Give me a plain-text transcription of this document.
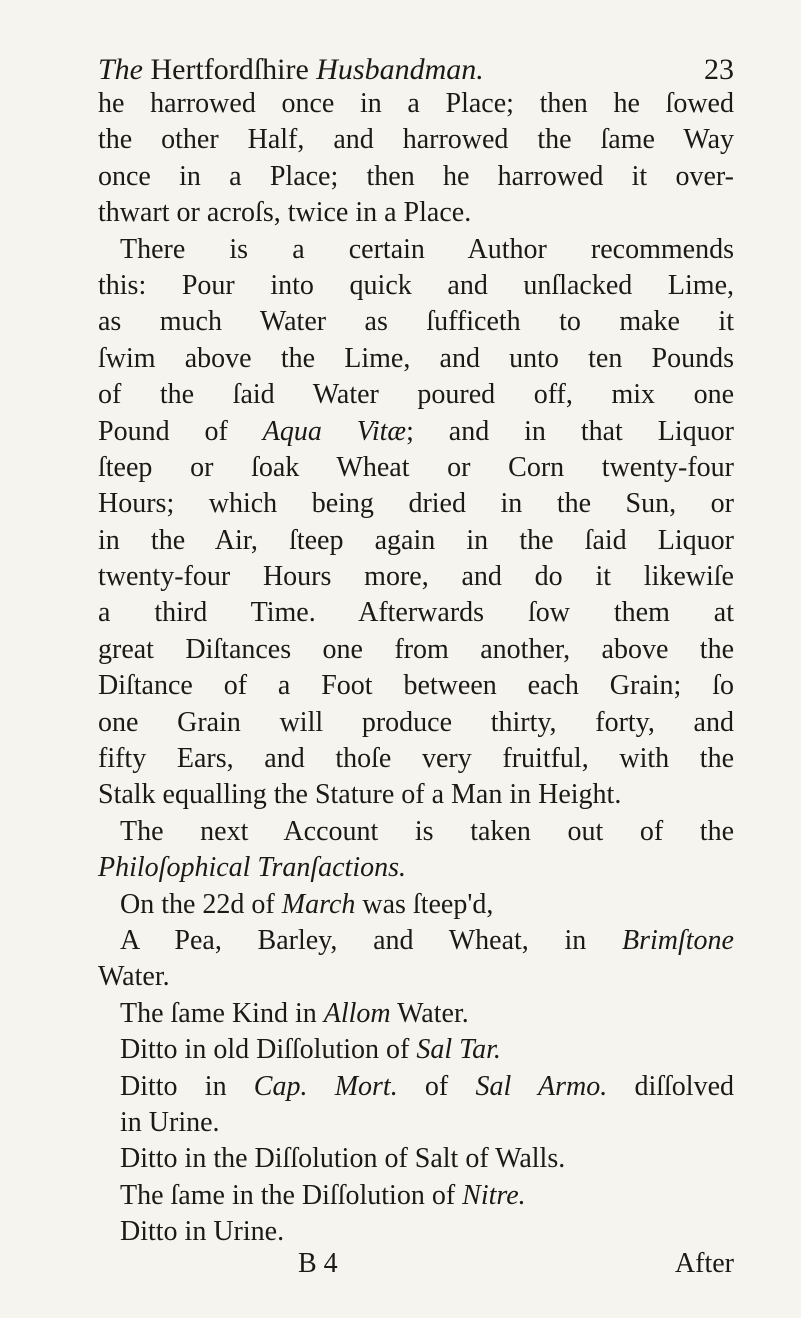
The Hertfordſhire Husbandman.	23
he harrowed once in a Place; then he ſowed
the other Half, and harrowed the ſame Way
once in a Place; then he harrowed it over-
thwart or acroſs, twice in a Place.
There is a certain Author recommends
this: Pour into quick and unſlacked Lime,
as much Water as ſufficeth to make it
ſwim above the Lime, and unto ten Pounds
of the ſaid Water poured off, mix one
Pound of Aqua Vitæ; and in that Liquor
ſteep or ſoak Wheat or Corn twenty-four
Hours; which being dried in the Sun, or
in the Air, ſteep again in the ſaid Liquor
twenty-four Hours more, and do it likewiſe
a third Time. Afterwards ſow them at
great Diſtances one from another, above the
Diſtance of a Foot between each Grain; ſo
one Grain will produce thirty, forty, and
fifty Ears, and thoſe very fruitful, with the
Stalk equalling the Stature of a Man in Height.
The next Account is taken out of the
Philoſophical Tranſactions.
On the 22d of March was ſteep'd,
A Pea, Barley, and Wheat, in Brimſtone
Water.
The ſame Kind in Allom Water.
Ditto in old Diſſolution of Sal Tar.
Ditto in Cap. Mort. of Sal Armo. diſſolved
in Urine.
Ditto in the Diſſolution of Salt of Walls.
The ſame in the Diſſolution of Nitre.
Ditto in Urine.
B 4	After
